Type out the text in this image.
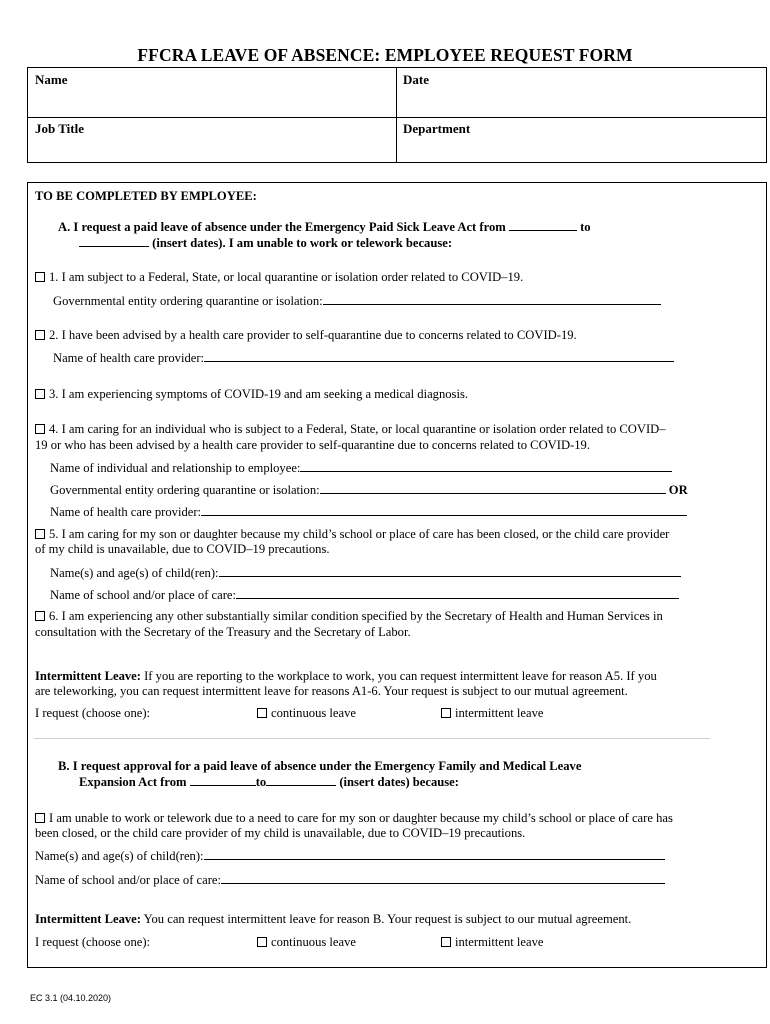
FFCRA LEAVE OF ABSENCE: EMPLOYEE REQUEST FORM
Name	Date
Job Title	Department
TO BE COMPLETED BY EMPLOYEE:
A. I request a paid leave of absence under the Emergency Paid Sick Leave Act from	to
(insert dates). I am unable to work or telework because:
1. I am subject to a Federal, State, or local quarantine or isolation order related to COVID–19.
Governmental entity ordering quarantine or isolation:
2. I have been advised by a health care provider to self-quarantine due to concerns related to COVID-19.
Name of health care provider:
3. I am experiencing symptoms of COVID-19 and am seeking a medical diagnosis.
4. I am caring for an individual who is subject to a Federal, State, or local quarantine or isolation order related to COVID–
19 or who has been advised by a health care provider to self-quarantine due to concerns related to COVID-19.
Name of individual and relationship to employee:
Governmental entity ordering quarantine or isolation:	OR
Name of health care provider:
5. I am caring for my son or daughter because my child’s school or place of care has been closed, or the child care provider
of my child is unavailable, due to COVID–19 precautions.
Name(s) and age(s) of child(ren):
Name of school and/or place of care:
6. I am experiencing any other substantially similar condition specified by the Secretary of Health and Human Services in
consultation with the Secretary of the Treasury and the Secretary of Labor.
Intermittent Leave: If you are reporting to the workplace to work, you can request intermittent leave for reason A5. If you
are teleworking, you can request intermittent leave for reasons A1-6. Your request is subject to our mutual agreement.
I request (choose one):	continuous leave	intermittent leave
B. I request approval for a paid leave of absence under the Emergency Family and Medical Leave
Expansion Act from	to	(insert dates) because:
I am unable to work or telework due to a need to care for my son or daughter because my child’s school or place of care has
been closed, or the child care provider of my child is unavailable, due to COVID–19 precautions.
Name(s) and age(s) of child(ren):
Name of school and/or place of care:
Intermittent Leave: You can request intermittent leave for reason B. Your request is subject to our mutual agreement.
I request (choose one):	continuous leave	intermittent leave
EC 3.1 (04.10.2020)
